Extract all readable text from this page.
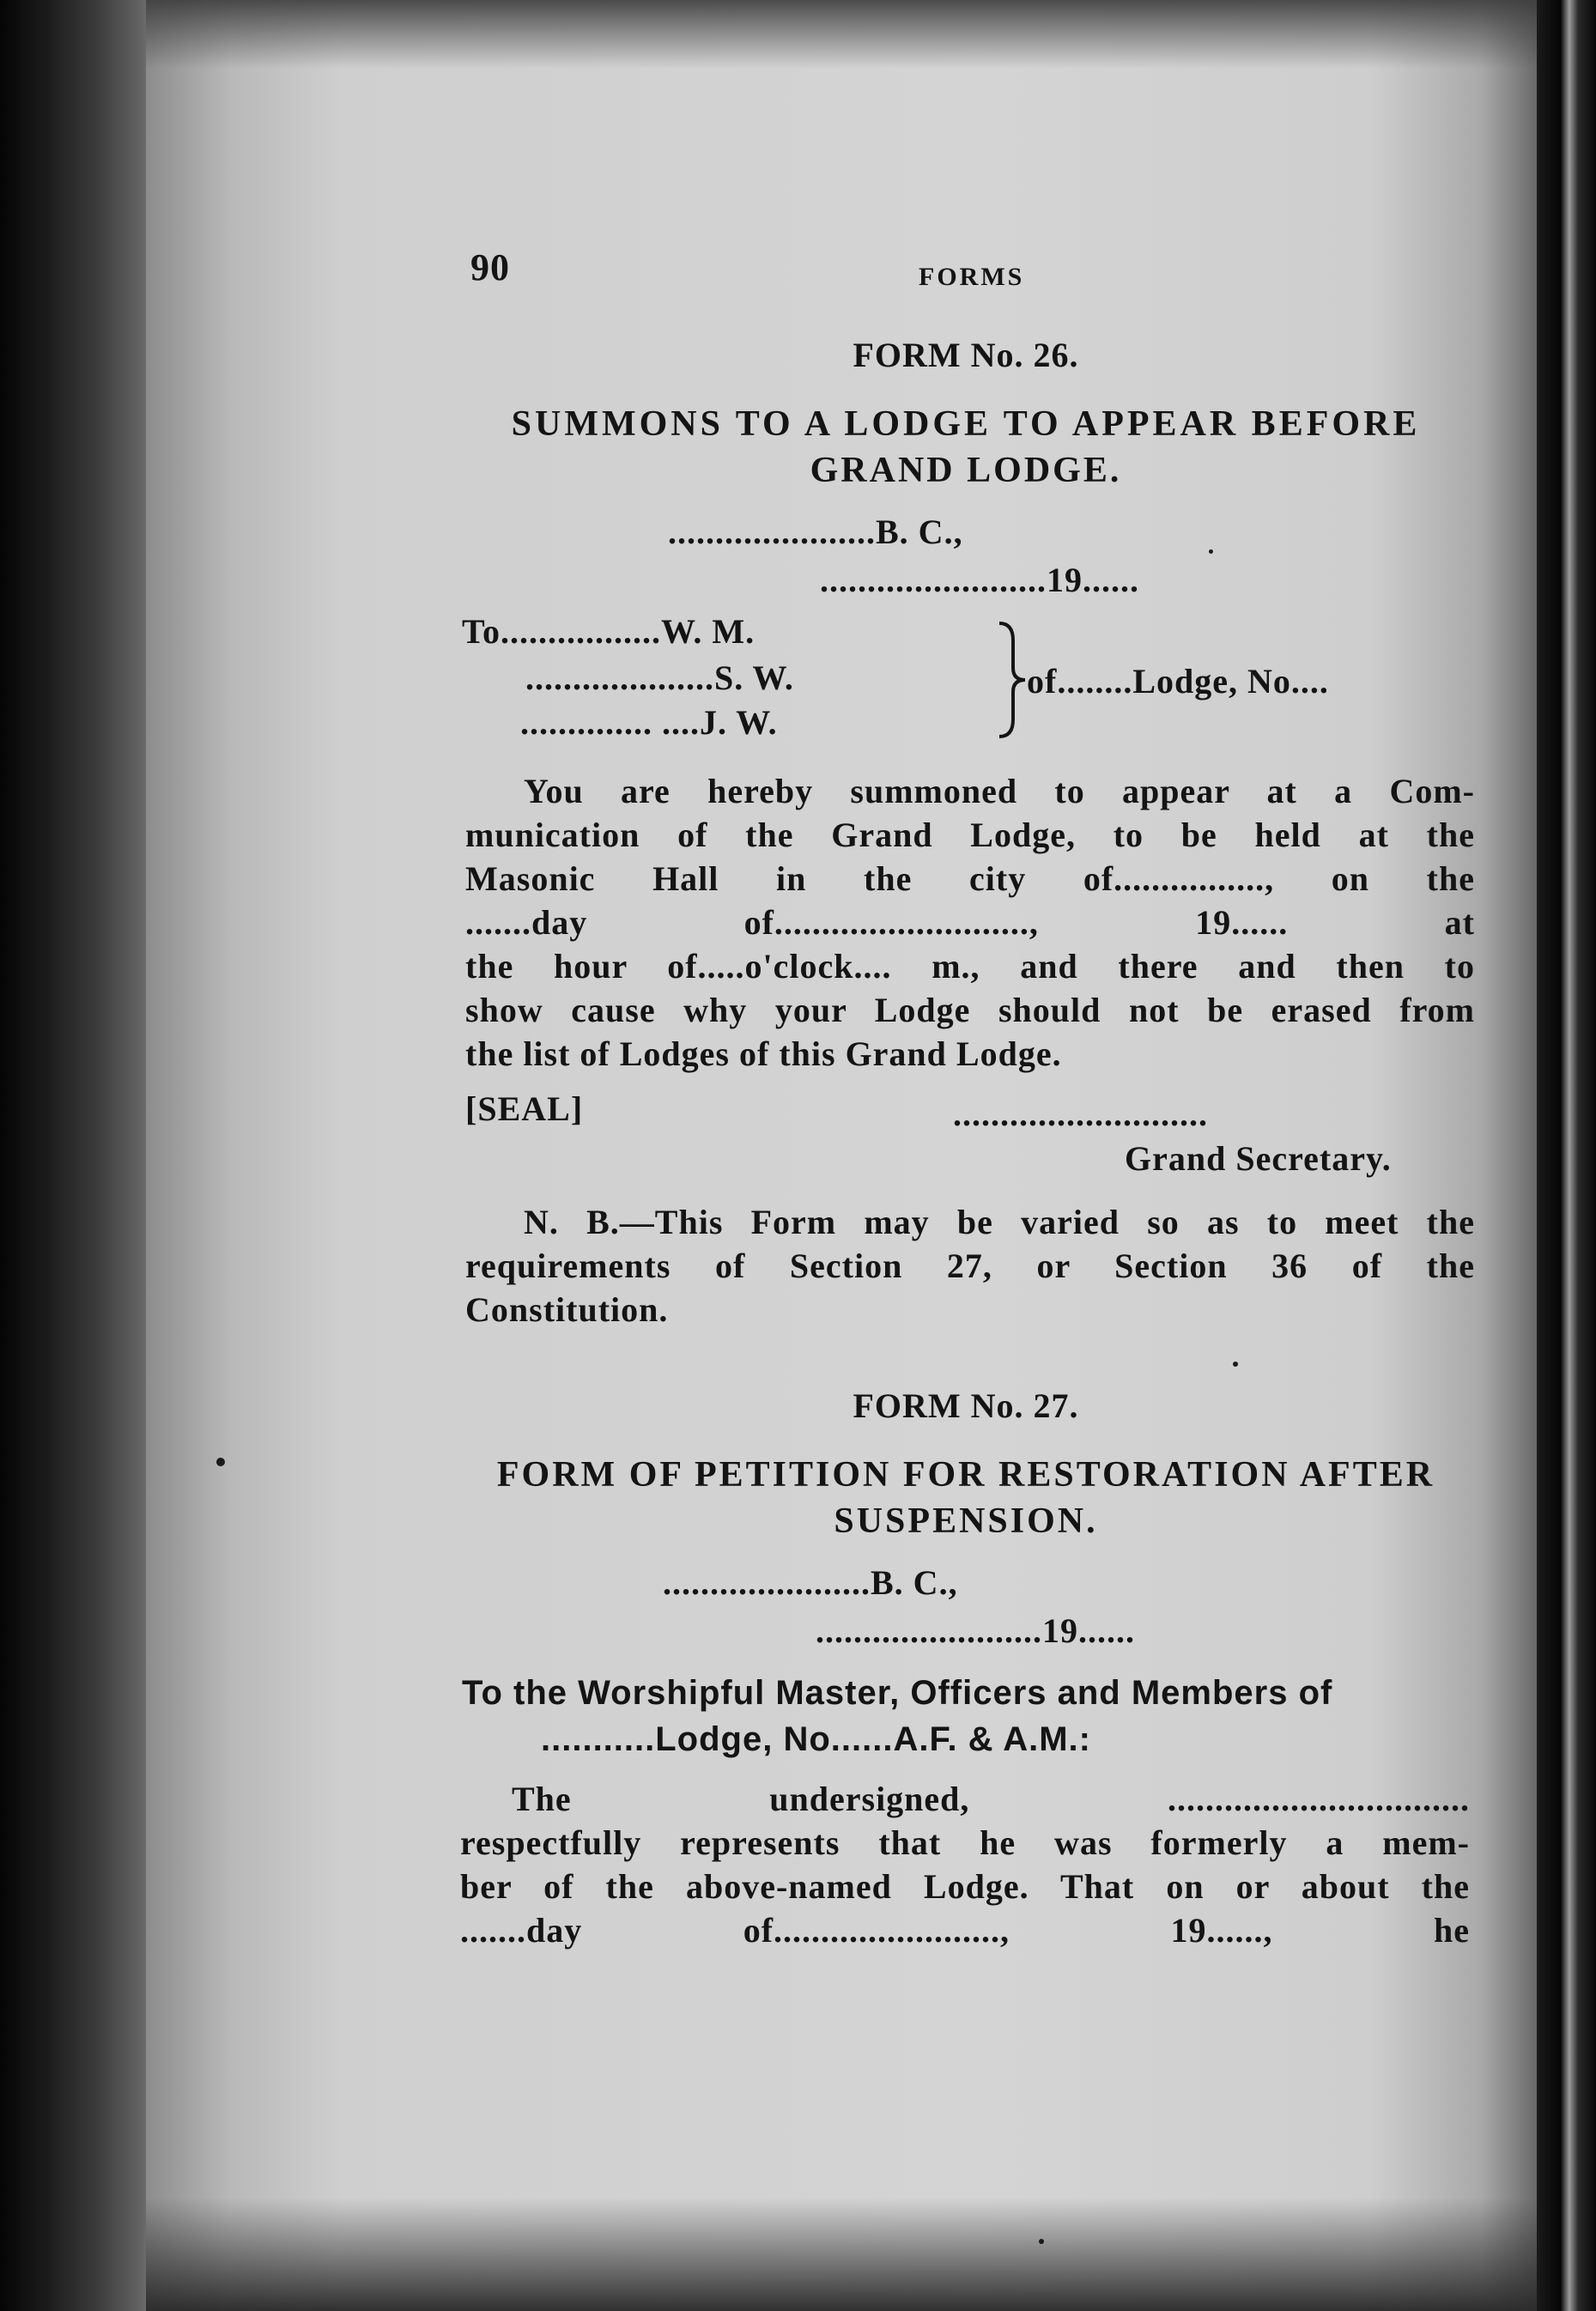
90	FORMS
FORM No. 26.
SUMMONS TO A LODGE TO APPEAR BEFORE
GRAND LODGE.
......................B. C.,
........................19......
To.................W. M.
....................S. W.
.............. ....J. W.
of........Lodge, No....
You are hereby summoned to appear at a Com-
munication of the Grand Lodge, to be held at the
Masonic Hall in the city of................, on the
.......day of..........................., 19...... at
the hour of.....o'clock.... m., and there and then to
show cause why your Lodge should not be erased from
the list of Lodges of this Grand Lodge.
[SEAL]	...........................
Grand Secretary.
N. B.—This Form may be varied so as to meet the
requirements of Section 27, or Section 36 of the
Constitution.
FORM No. 27.
FORM OF PETITION FOR RESTORATION AFTER
SUSPENSION.
......................B. C.,
........................19......
To the Worshipful Master, Officers and Members of
...........Lodge, No......A.F. & A.M.:
The undersigned, ................................
respectfully represents that he was formerly a mem-
ber of the above-named Lodge. That on or about the
.......day of........................, 19......, he
